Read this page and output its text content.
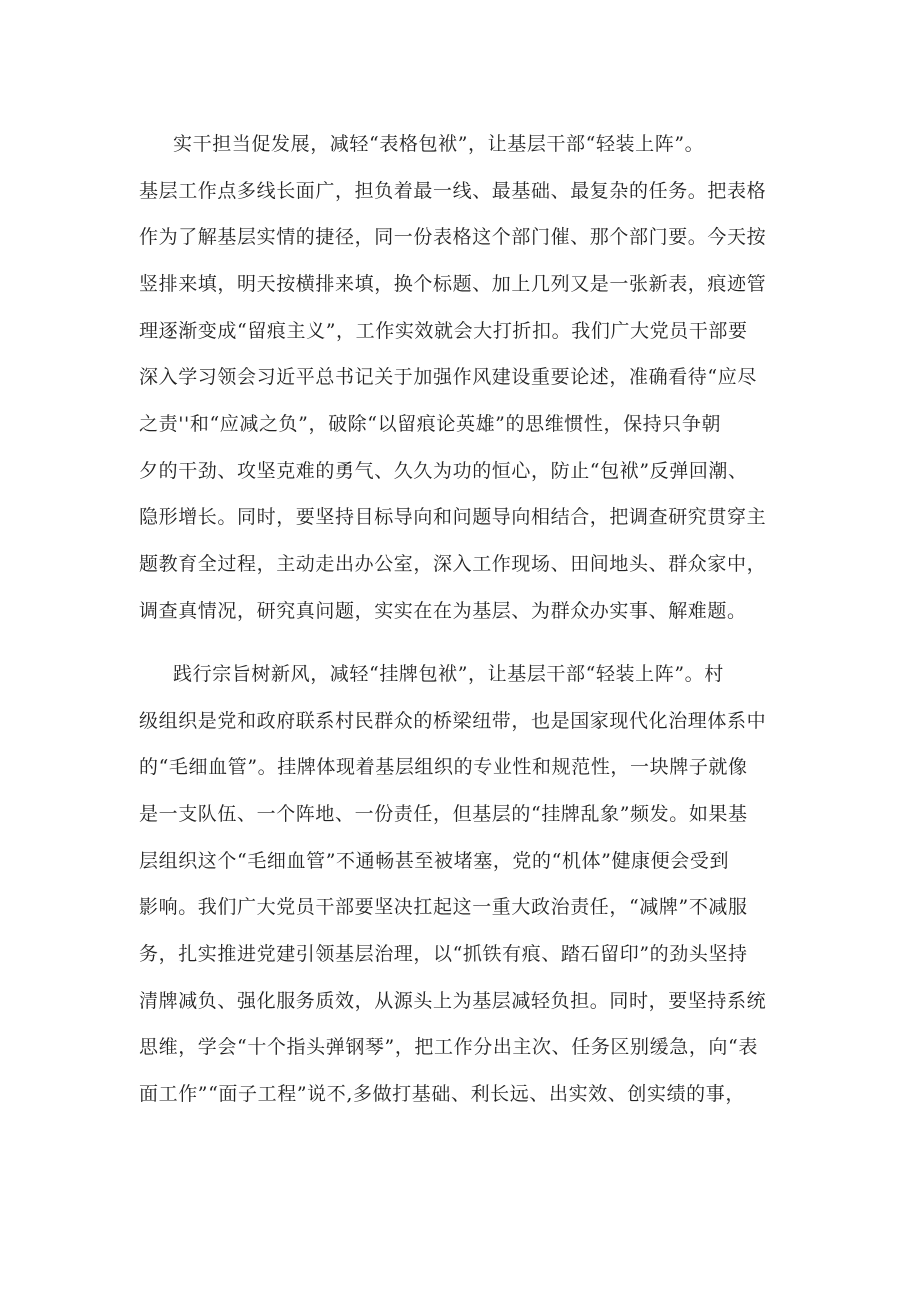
实干担当促发展，减轻“表格包袱”，让基层干部“轻装上阵”。
基层工作点多线长面广，担负着最一线、最基础、最复杂的任务。把表格
作为了解基层实情的捷径，同一份表格这个部门催、那个部门要。今天按
竖排来填，明天按横排来填，换个标题、加上几列又是一张新表，痕迹管
理逐渐变成“留痕主义”，工作实效就会大打折扣。我们广大党员干部要
深入学习领会习近平总书记关于加强作风建设重要论述，准确看待“应尽
之责''和“应减之负”，破除“以留痕论英雄”的思维惯性，保持只争朝
夕的干劲、攻坚克难的勇气、久久为功的恒心，防止“包袱”反弹回潮、
隐形增长。同时，要坚持目标导向和问题导向相结合，把调查研究贯穿主
题教育全过程，主动走出办公室，深入工作现场、田间地头、群众家中，
调查真情况，研究真问题，实实在在为基层、为群众办实事、解难题。
践行宗旨树新风，减轻“挂牌包袱”，让基层干部“轻装上阵”。村
级组织是党和政府联系村民群众的桥梁纽带，也是国家现代化治理体系中
的“毛细血管”。挂牌体现着基层组织的专业性和规范性，一块牌子就像
是一支队伍、一个阵地、一份责任，但基层的“挂牌乱象”频发。如果基
层组织这个“毛细血管”不通畅甚至被堵塞，党的“机体”健康便会受到
影响。我们广大党员干部要坚决扛起这一重大政治责任，“减牌”不减服
务，扎实推进党建引领基层治理，以“抓铁有痕、踏石留印”的劲头坚持
清牌减负、强化服务质效，从源头上为基层减轻负担。同时，要坚持系统
思维，学会“十个指头弹钢琴”，把工作分出主次、任务区别缓急，向“表
面工作”“面子工程”说不,多做打基础、利长远、出实效、创实绩的事，
